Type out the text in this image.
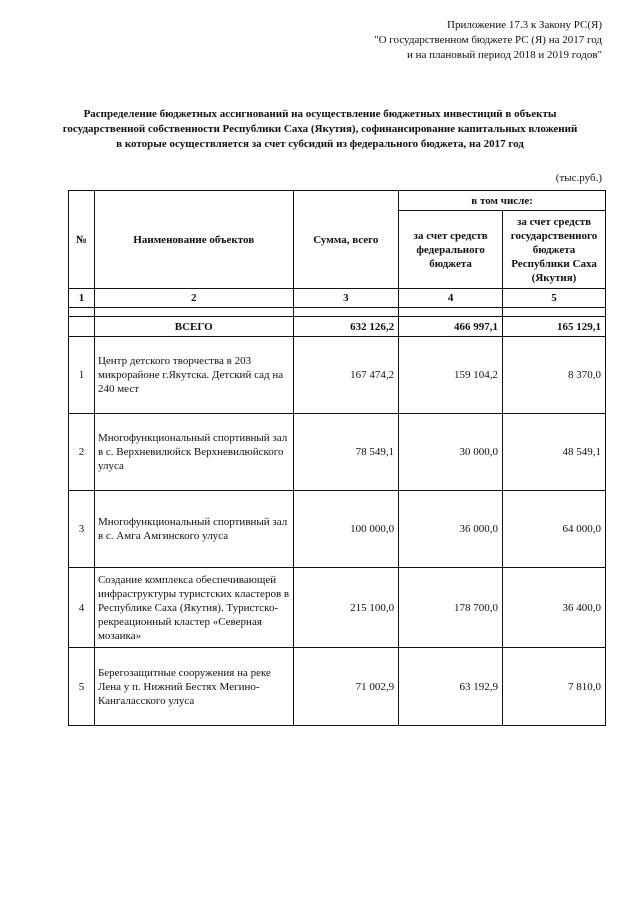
Приложение 17.3 к Закону РС(Я)
"О государственном бюджете РС (Я) на 2017 год
и на плановый период 2018 и 2019 годов"
Распределение бюджетных ассигнований на осуществление бюджетных инвестиций в объекты
государственной собственности Республики Саха (Якутия), софинансирование капитальных вложений
в которые осуществляется за счет субсидий из федерального бюджета, на 2017 год
(тыс.руб.)
№	Наименование объектов	Сумма, всего	в том числе:	
			за счет средств федерального бюджета	за счет средств государственного бюджета Республики Саха (Якутия)
1	2	3	4	5

	ВСЕГО	632 126,2	466 997,1	165 129,1
1	Центр детского творчества в 203 микрорайоне г.Якутска. Детский сад на 240 мест	167 474,2	159 104,2	8 370,0
2	Многофункциональный спортивный зал в с. Верхневилюйск Верхневилюйского улуса	78 549,1	30 000,0	48 549,1
3	Многофункциональный спортивный зал в с. Амга Амгинского улуса	100 000,0	36 000,0	64 000,0
4	Создание комплекса обеспечивающей инфраструктуры туристских кластеров в Республике Саха (Якутия). Туристско-рекреационный кластер «Северная мозаика»	215 100,0	178 700,0	36 400,0
5	Берегозащитные сооружения на реке Лена у п. Нижний Бестях Мегино-Кангаласского улуса	71 002,9	63 192,9	7 810,0
